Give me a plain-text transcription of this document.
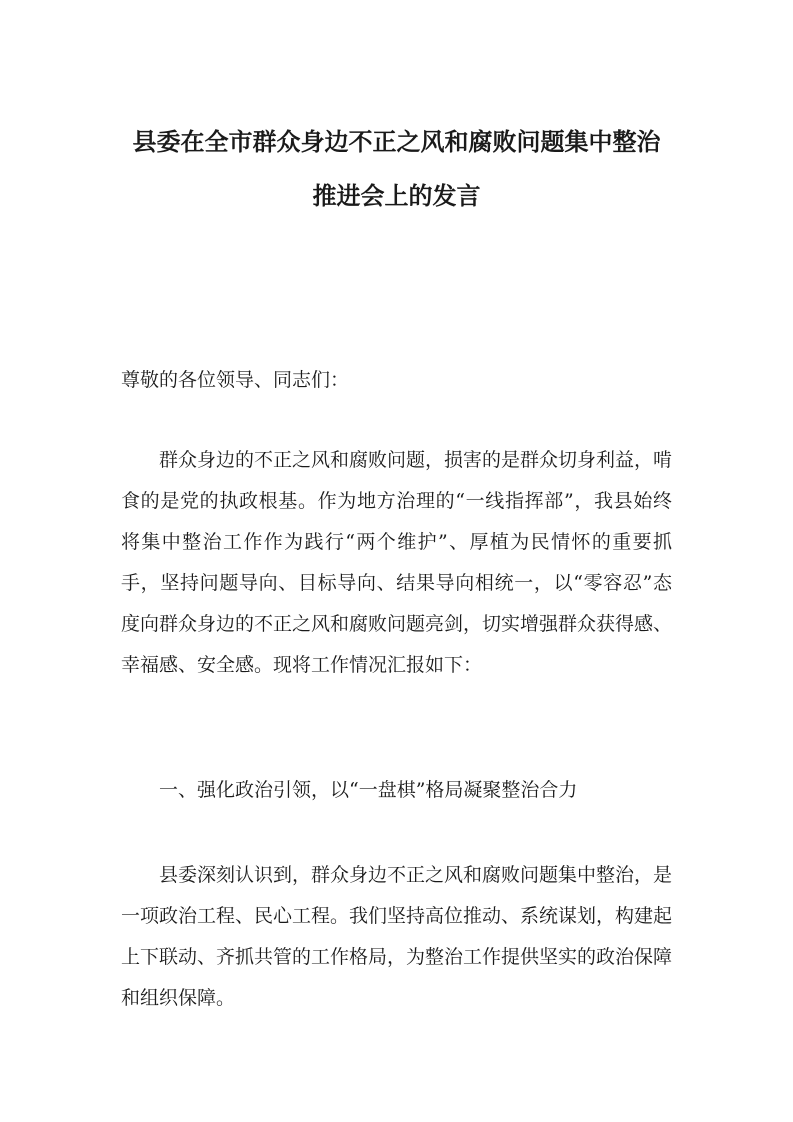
县委在全市群众身边不正之风和腐败问题集中整治
推进会上的发言
尊敬的各位领导、同志们：

群众身边的不正之风和腐败问题，损害的是群众切身利益，啃食的是党的执政根基。作为地方治理的“一线指挥部”，我县始终将集中整治工作作为践行“两个维护”、厚植为民情怀的重要抓手，坚持问题导向、目标导向、结果导向相统一，以“零容忍”态度向群众身边的不正之风和腐败问题亮剑，切实增强群众获得感、幸福感、安全感。现将工作情况汇报如下：

一、强化政治引领，以“一盘棋”格局凝聚整治合力

县委深刻认识到，群众身边不正之风和腐败问题集中整治，是一项政治工程、民心工程。我们坚持高位推动、系统谋划，构建起上下联动、齐抓共管的工作格局，为整治工作提供坚实的政治保障和组织保障。
